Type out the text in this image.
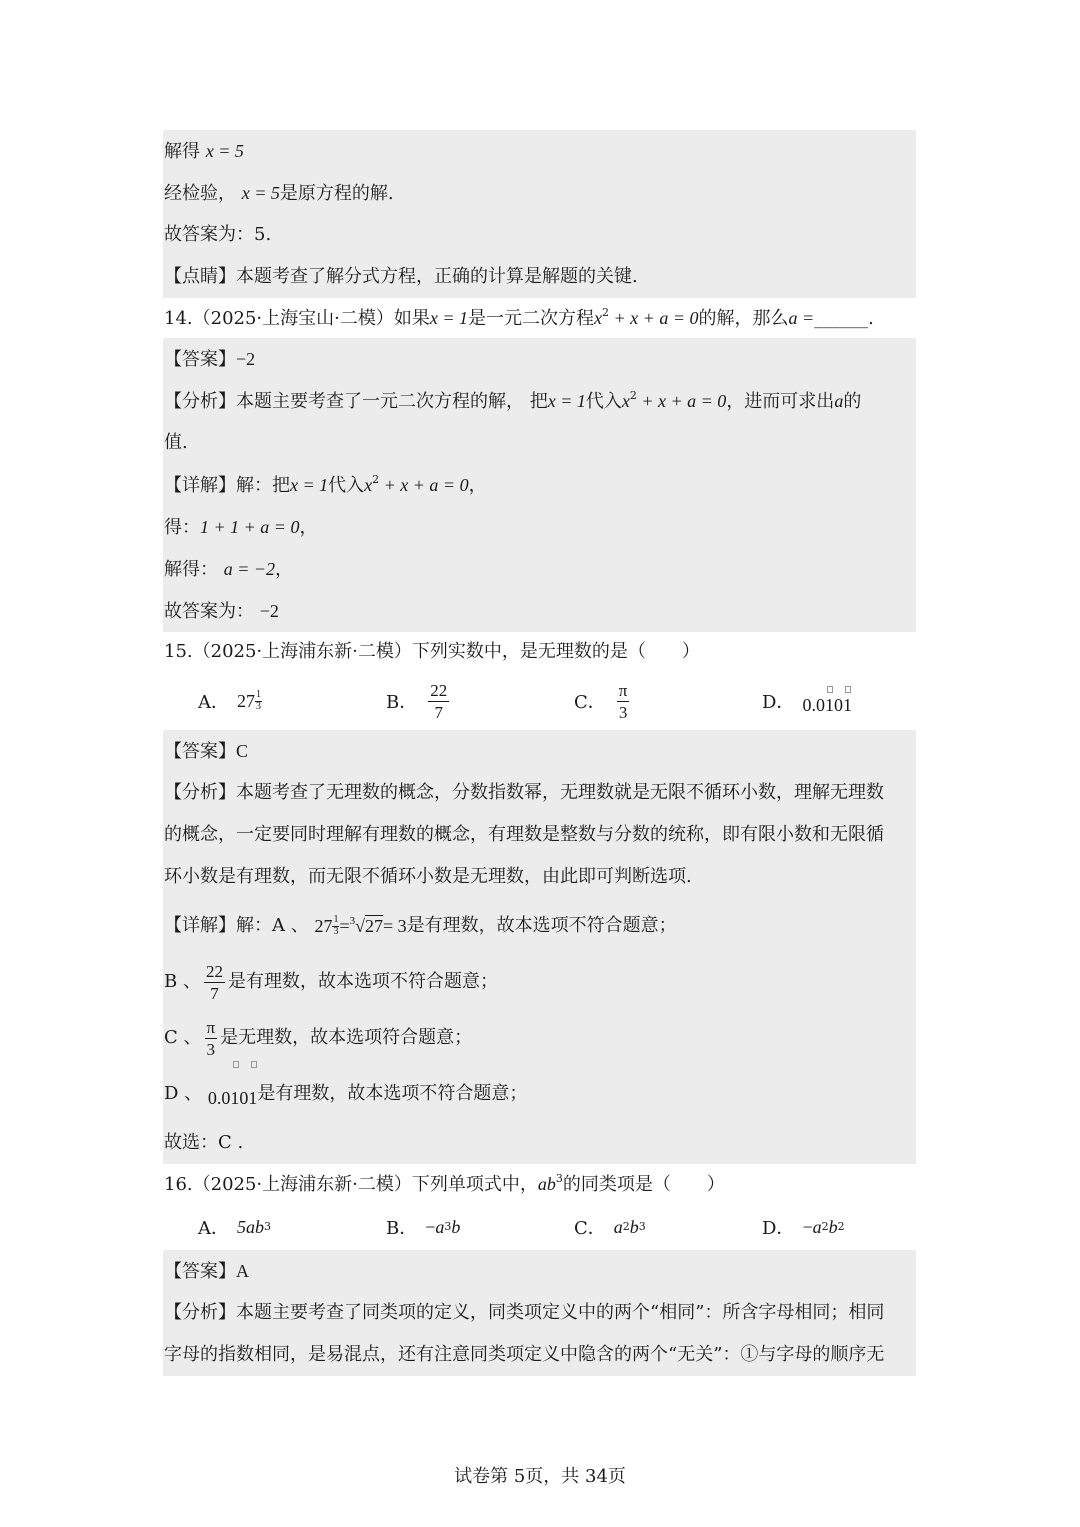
解得 x = 5
经检验， x = 5是原方程的解.
故答案为：5.
【点睛】本题考查了解分式方程，正确的计算是解题的关键.
14.（2025·上海宝山·二模）如果x = 1是一元二次方程$x^2 + x + a = 0$的解，那么a =______.
【答案】−2
【分析】本题主要考查了一元二次方程的解， 把x = 1代入$x^2 + x + a = 0$，进而可求出a的
值.
【详解】解：把x = 1代入$x^2 + x + a = 0$，
得：1 + 1 + a = 0，
解得： a = −2，
故答案为： −2
15.（2025·上海浦东新·二模）下列实数中，是无理数的是（　　）
A． $27 \frac{1}{3}$	B． $\frac{22}{7}$	C． $\frac{\pi}{3}$	D． 0.0101
【答案】C
【分析】本题考查了无理数的概念，分数指数幂，无理数就是无限不循环小数，理解无理数
的概念，一定要同时理解有理数的概念，有理数是整数与分数的统称，即有限小数和无限循
环小数是有理数，而无限不循环小数是无理数，由此即可判断选项.
【详解】解：A 、
$27 \frac{1}{3} = ^3√27 = 3$ 是有理数，故本选项不符合题意；
B 、 $\frac{22}{7}$ 是有理数，故本选项不符合题意；
C 、 $\frac{\pi}{3}$ 是无理数，故本选项符合题意；
D 、
0.0101 是有理数，故本选项不符合题意；
故选：C .
16.（2025·上海浦东新·二模）下列单项式中，$ab^3$的同类项是（　　）
A． 5ab 3	B． − a 3 b	C． a 2 b 3	D． − a 2 b 2
【答案】A
【分析】本题主要考查了同类项的定义，同类项定义中的两个“相同”：所含字母相同；相同
字母的指数相同，是易混点，还有注意同类项定义中隐含的两个“无关”：①与字母的顺序无
试卷第 5页，共 34页
